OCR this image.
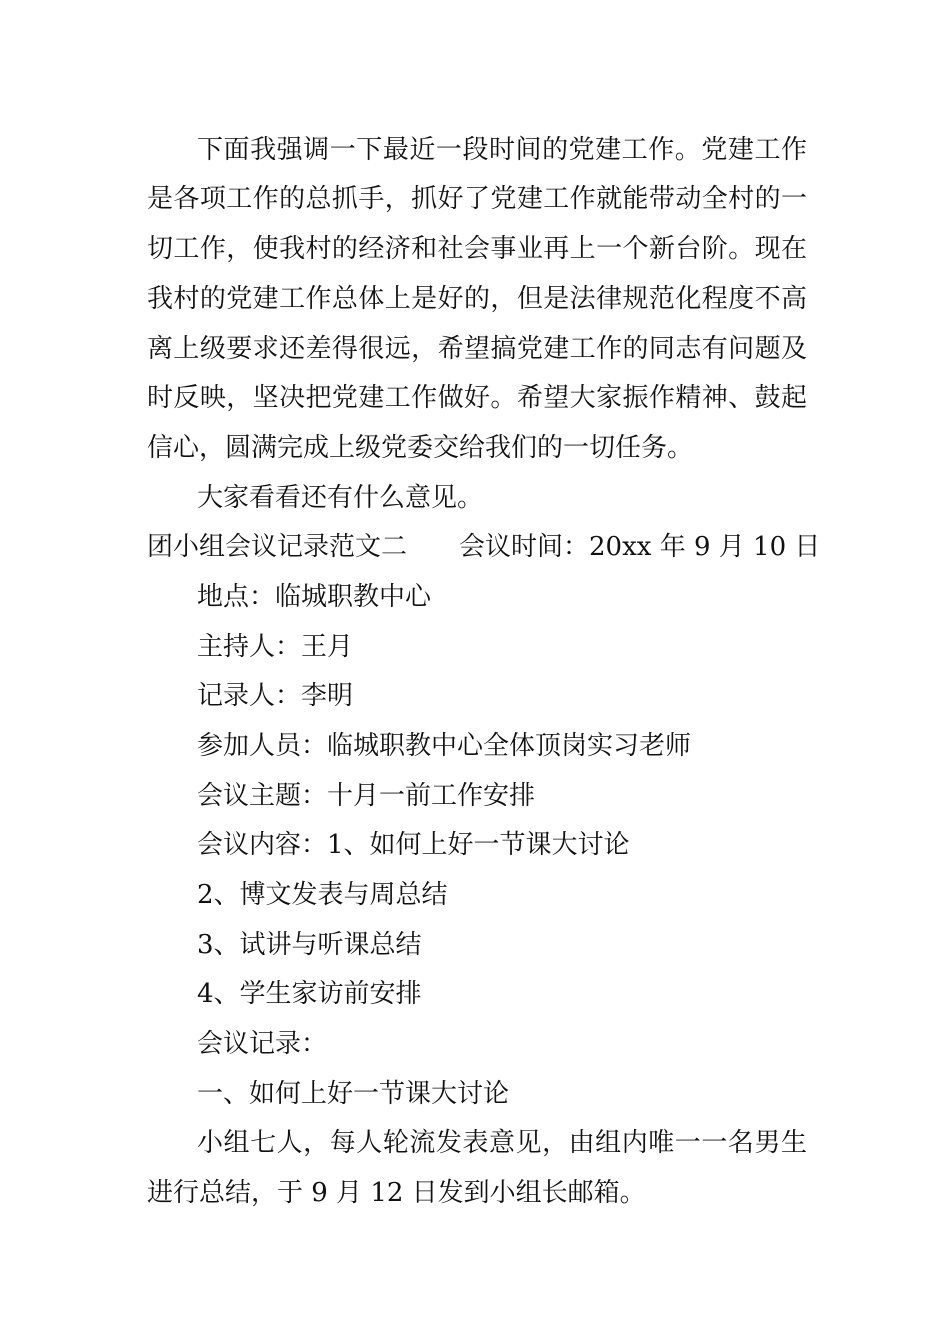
下面我强调一下最近一段时间的党建工作。党建工作
是各项工作的总抓手，抓好了党建工作就能带动全村的一
切工作，使我村的经济和社会事业再上一个新台阶。现在
我村的党建工作总体上是好的，但是法律规范化程度不高
离上级要求还差得很远，希望搞党建工作的同志有问题及
时反映，坚决把党建工作做好。希望大家振作精神、鼓起
信心，圆满完成上级党委交给我们的一切任务。
大家看看还有什么意见。
团小组会议记录范文二 会议时间：20xx 年 9 月 10 日
地点：临城职教中心
主持人：王月
记录人：李明
参加人员：临城职教中心全体顶岗实习老师
会议主题：十月一前工作安排
会议内容：1、如何上好一节课大讨论
2、博文发表与周总结
3、试讲与听课总结
4、学生家访前安排
会议记录：
一、如何上好一节课大讨论
小组七人，每人轮流发表意见，由组内唯一一名男生
进行总结，于 9 月 12 日发到小组长邮箱。
